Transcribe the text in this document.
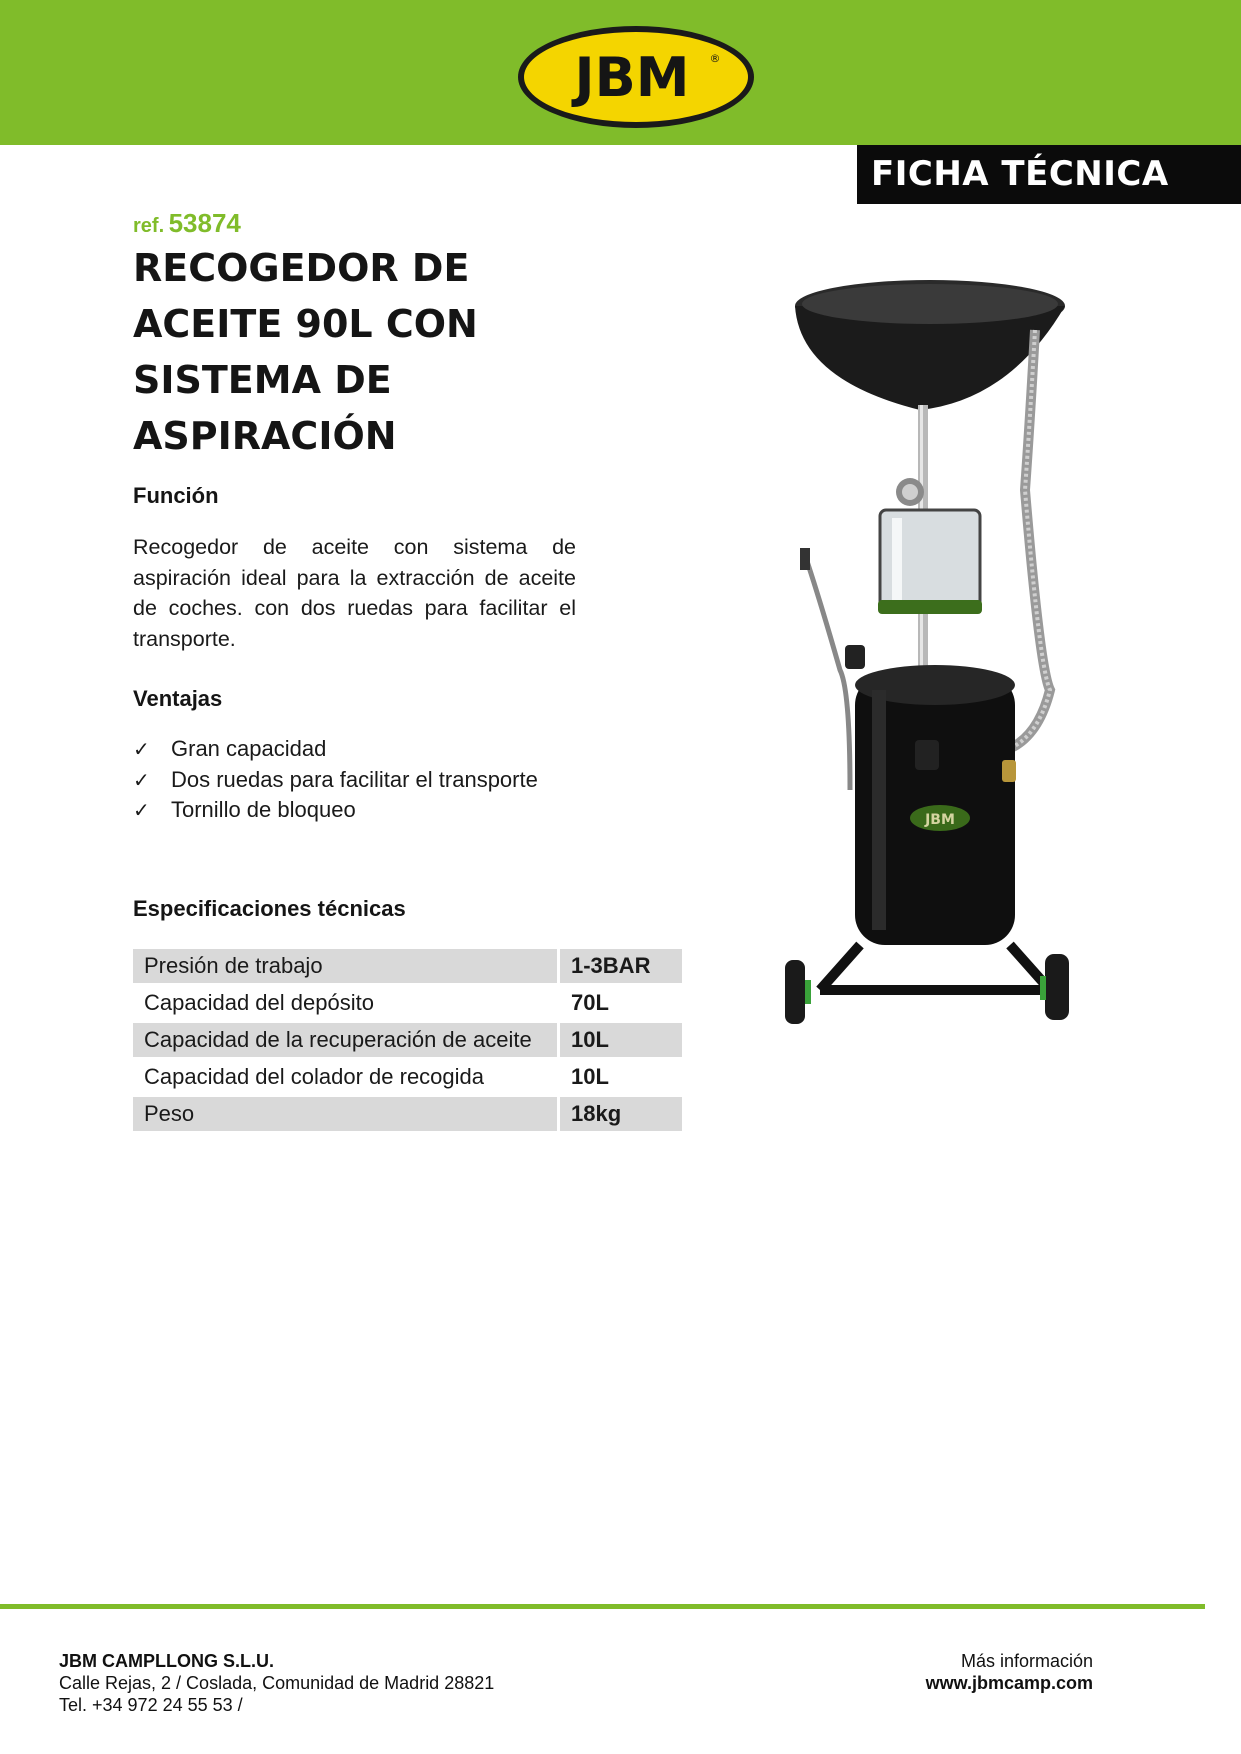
JBM ®
FICHA TÉCNICA
ref. 53874
RECOGEDOR DE ACEITE 90L CON SISTEMA DE ASPIRACIÓN
Función
Recogedor de aceite con sistema de aspiración ideal para la extracción de aceite de coches. con dos ruedas para facilitar el transporte.
Ventajas
✓ Gran capacidad
✓ Dos ruedas para facilitar el transporte
✓ Tornillo de bloqueo
Especificaciones técnicas
Presión de trabajo	1-3BAR
Capacidad del depósito	70L
Capacidad de la recuperación de aceite	10L
Capacidad del colador de recogida	10L
Peso	18kg
JBM
JBM CAMPLLONG S.L.U.
Calle Rejas, 2 / Coslada, Comunidad de Madrid 28821
Tel. +34 972 24 55 53 /
Más información
www.jbmcamp.com
